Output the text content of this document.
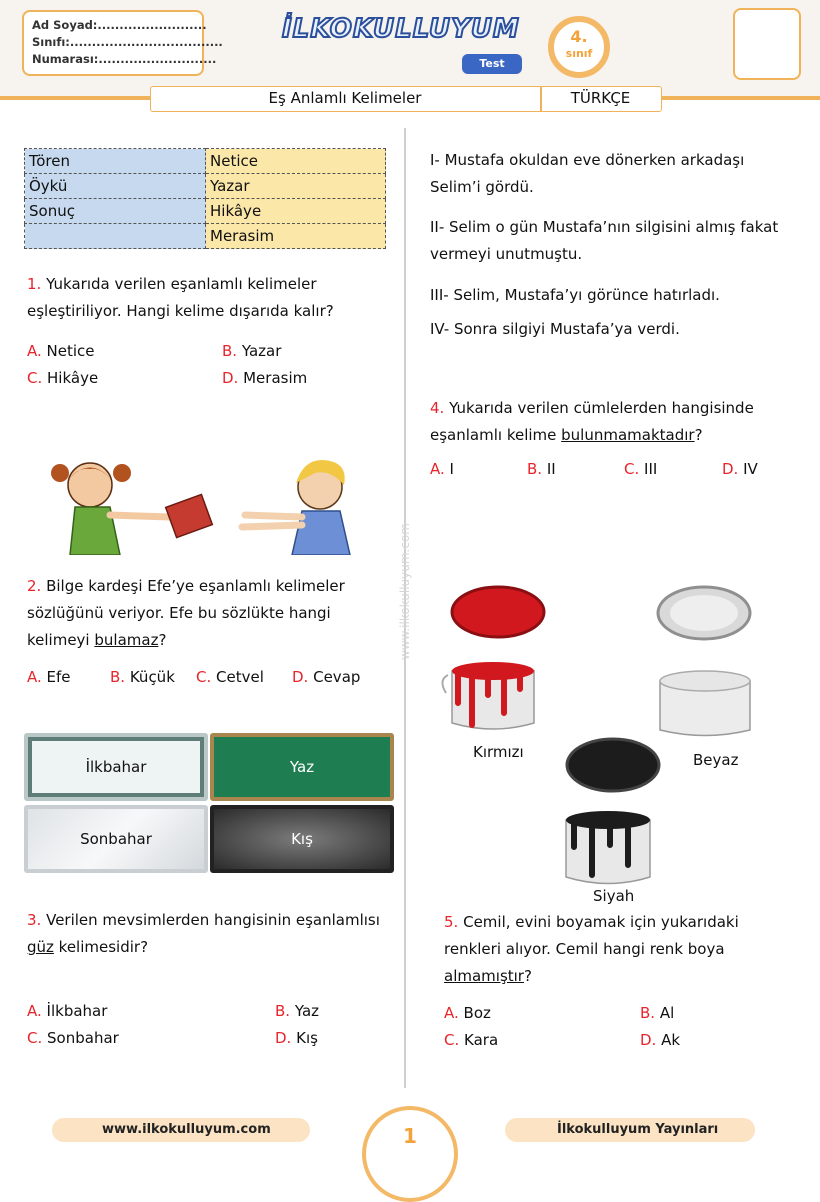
Ad Soyad:.........................
Sınıfı:...................................
Numarası:...........................
İLKOKULLUYUM
Test
4.
sınıf
Eş Anlamlı Kelimeler	TÜRKÇE
www.ilkokulluyum.com
Tören	Netice
Öykü	Yazar
Sonuç	Hikâye
	Merasim
1. Yukarıda verilen eşanlamlı kelimeler
eşleştiriliyor. Hangi kelime dışarıda kalır?
A. Netice	B. Yazar
C. Hikâye	D. Merasim
2. Bilge kardeşi Efe’ye eşanlamlı kelimeler
sözlüğünü veriyor. Efe bu sözlükte hangi
kelimeyi bulamaz?
A. Efe	B. Küçük C. Cetvel D. Cevap
İlkbahar	Yaz
Sonbahar	Kış
3. Verilen mevsimlerden hangisinin eşanlamlısı
güz kelimesidir?
A. İlkbahar	B. Yaz
C. Sonbahar	D. Kış
I- Mustafa okuldan eve dönerken arkadaşı
Selim’i gördü.
II- Selim o gün Mustafa’nın silgisini almış fakat
vermeyi unutmuştu.
III- Selim, Mustafa’yı görünce hatırladı.
IV- Sonra silgiyi Mustafa’ya verdi.
4. Yukarıda verilen cümlelerden hangisinde
eşanlamlı kelime bulunmamaktadır?
A. I	B. II	C. III	D. IV
Kırmızı	Beyaz
Siyah
5. Cemil, evini boyamak için yukarıdaki
renkleri alıyor. Cemil hangi renk boya
almamıştır?
A. Boz	B. Al
C. Kara	D. Ak
www.ilkokulluyum.com	İlkokulluyum Yayınları
1
